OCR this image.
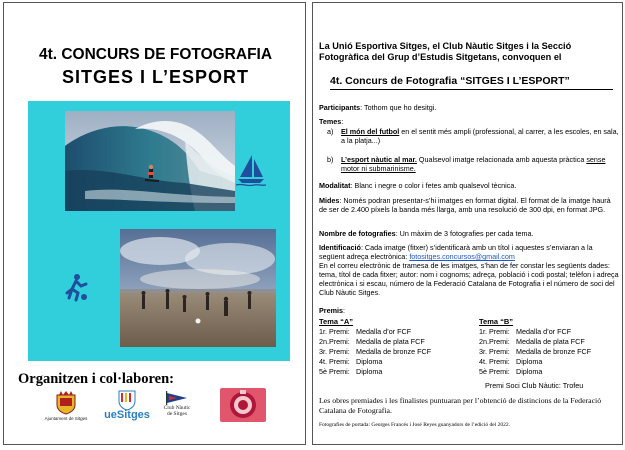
4t. CONCURS DE FOTOGRAFIA
SITGES I L’ESPORT
Organitzen i col·laboren:
Ajuntament de Sitges ueSitges
Club Nàutic
de Sitges
La Unió Esportiva Sitges, el Club Nàutic Sitges i la Secció Fotogràfica del Grup d’Estudis Sitgetans, convoquen el
4t. Concurs de Fotografia “SITGES I L’ESPORT”
Participants: Tothom que ho desitgi.
Temes:
a) El món del futbol en el sentit més ampli (professional, al carrer, a les escoles, en sala, a la platja...)
b) L’esport nàutic al mar. Qualsevol imatge relacionada amb aquesta pràctica sense motor ni submarinisme.
Modalitat: Blanc i negre o color i fetes amb qualsevol tècnica.
Mides: Només podran presentar-s’hi imatges en format digital. El format de la imatge haurà de ser de 2.400 píxels la banda més llarga, amb una resolució de 300 dpi, en format JPG.
Nombre de fotografies: Un màxim de 3 fotografies per cada tema.
Identificació: Cada imatge (fitxer) s’identificarà amb un títol i aquestes s’enviaran a la següent adreça electrònica: fotositges.concursos@gmail.com
En el correu electrònic de tramesa de les imatges, s’han de fer constar les següents dades: tema, títol de cada fitxer; autor: nom i cognoms; adreça, població i codi postal; telèfon i adreça electrònica i si escau, número de la Federació Catalana de Fotografia i el número de soci del Club Nàutic Sitges.
Premis:
Tema “A”
1r. Premi: Medalla d’or FCF
2n.Premi: Medalla de plata FCF
3r. Premi: Medalla de bronze FCF
4t. Premi: Diploma
5è Premi: Diploma
Tema “B”
1r. Premi: Medalla d’or FCF
2n.Premi: Medalla de plata FCF
3r. Premi: Medalla de bronze FCF
4t. Premi: Diploma
5è Premi: Diploma
Premi Soci Club Nàutic: Trofeu
Les obres premiades i les finalistes puntuaran per l’obtenció de distincions de la Federació Catalana de Fotografia.
Fotografies de portada: Georges Francés i José Reyes guanyadors de l’edició del 2022.
